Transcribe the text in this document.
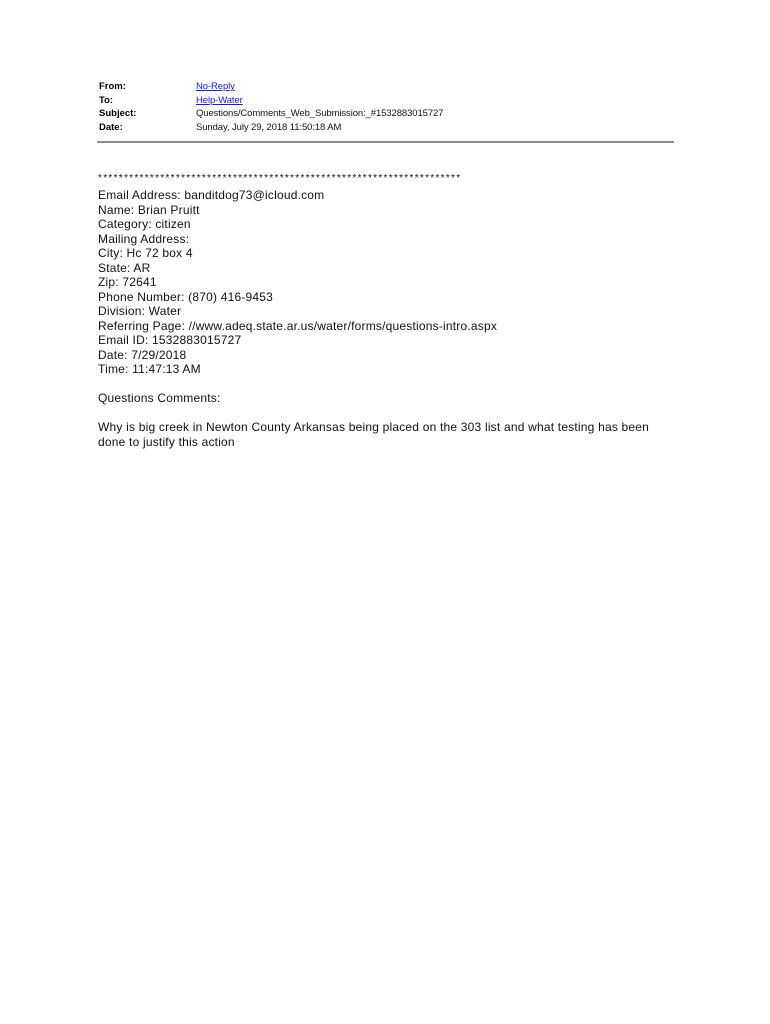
From:	No-Reply
To:	Help-Water
Subject:	Questions/Comments_Web_Submission:_#1532883015727
Date:	Sunday, July 29, 2018 11:50:18 AM
**********************************************************************
Email Address: banditdog73@icloud.com
Name: Brian Pruitt
Category: citizen
Mailing Address:
City: Hc 72 box 4
State: AR
Zip: 72641
Phone Number: (870) 416-9453
Division: Water
Referring Page: //www.adeq.state.ar.us/water/forms/questions-intro.aspx
Email ID: 1532883015727
Date: 7/29/2018
Time: 11:47:13 AM
Questions Comments:
Why is big creek in Newton County Arkansas being placed on the 303 list and what testing has been done to justify this action
